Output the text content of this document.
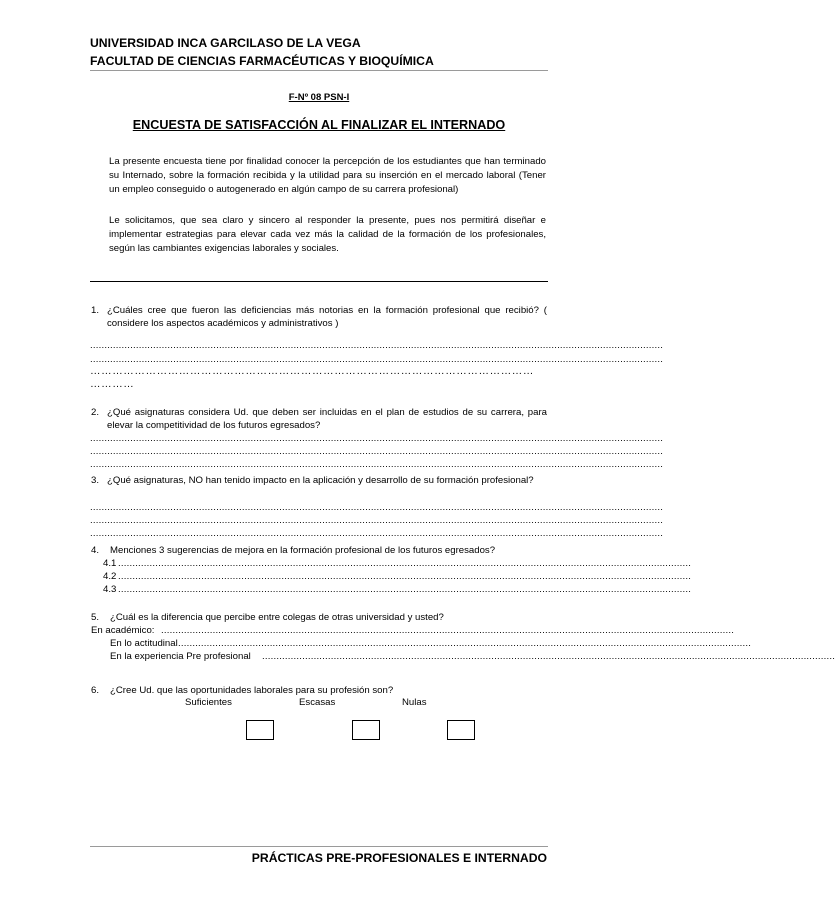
UNIVERSIDAD INCA GARCILASO DE LA VEGA
FACULTAD DE CIENCIAS FARMACÉUTICAS Y BIOQUÍMICA
F-Nº 08 PSN-I
ENCUESTA DE SATISFACCIÓN AL FINALIZAR EL INTERNADO

La presente encuesta tiene por finalidad conocer la percepción de los estudiantes que han terminado su Internado, sobre la formación recibida y la utilidad para su inserción en el mercado laboral (Tener un empleo conseguido o autogenerado en algún campo de su carrera profesional)

Le solicitamos, que sea claro y sincero al responder la presente, pues nos permitirá diseñar e implementar estrategias para elevar cada vez más la calidad de la formación de los profesionales, según las cambiantes exigencias laborales y sociales.

1. ¿Cuáles cree que fueron las deficiencias más notorias en la formación profesional que recibió? ( considere los aspectos académicos y administrativos )

........................................................................................................................................................................................................
........................................................................................................................................................................................................
…………………………………………………………………………………………………………
…………
2. ¿Qué asignaturas considera Ud. que deben ser incluidas en el plan de estudios de su carrera, para elevar la competitividad de los futuros egresados?

........................................................................................................................................................................................................
........................................................................................................................................................................................................
........................................................................................................................................................................................................
3. ¿Qué asignaturas, NO han tenido impacto en la aplicación y desarrollo de su formación profesional?

........................................................................................................................................................................................................
........................................................................................................................................................................................................
........................................................................................................................................................................................................
4. Menciones 3 sugerencias de mejora en la formación profesional de los futuros egresados?
4.1 ........................................................................................................................................................................................................
4.2 ........................................................................................................................................................................................................
4.3 ........................................................................................................................................................................................................
5. ¿Cuál es la diferencia que percibe entre colegas de otras universidad y usted?
En académico: ........................................................................................................................................................................................................
En lo actitudinal ........................................................................................................................................................................................................
En la experiencia Pre profesional ........................................................................................................................................................................................................
6. ¿Cree Ud. que las oportunidades laborales para su profesión son?
Suficientes	Escasas	Nulas
PRÁCTICAS PRE-PROFESIONALES E INTERNADO
